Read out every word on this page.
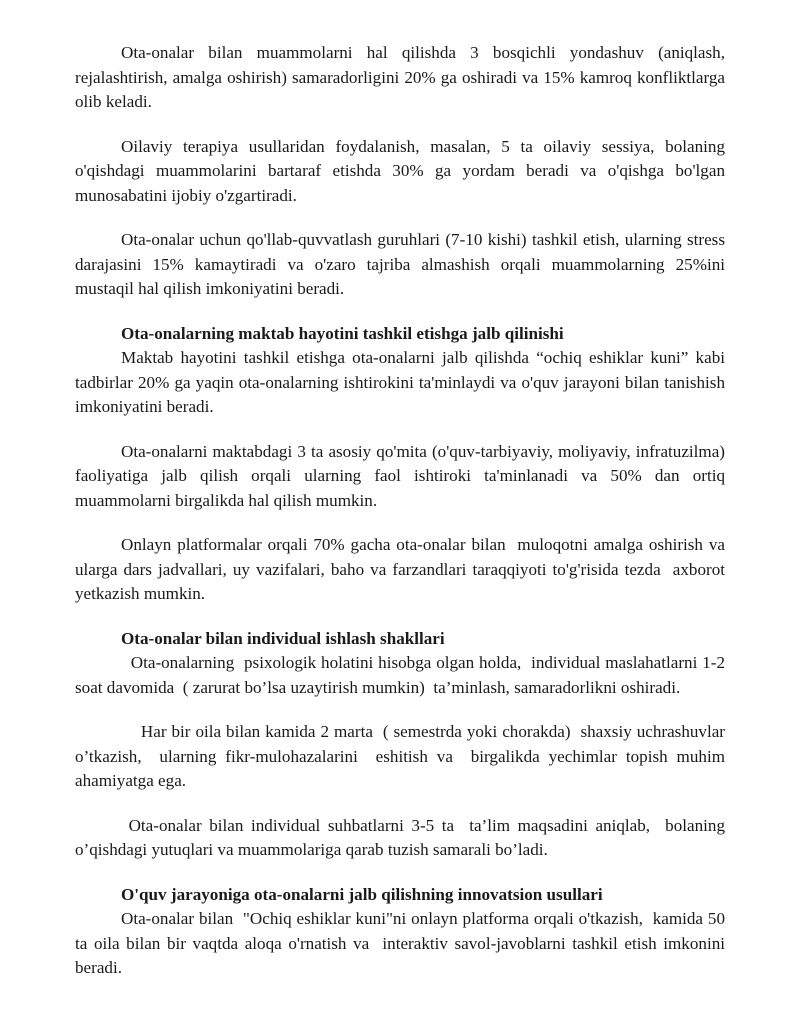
Ota-onalar bilan muammolarni hal qilishda 3 bosqichli yondashuv (aniqlash, rejalashtirish, amalga oshirish) samaradorligini 20% ga oshiradi va 15% kamroq konfliktlarga olib keladi.

Oilaviy terapiya usullaridan foydalanish, masalan, 5 ta oilaviy sessiya, bolaning o'qishdagi muammolarini bartaraf etishda 30% ga yordam beradi va o'qishga bo'lgan munosabatini ijobiy o'zgartiradi.

Ota-onalar uchun qo'llab-quvvatlash guruhlari (7-10 kishi) tashkil etish, ularning stress darajasini 15% kamaytiradi va o'zaro tajriba almashish orqali muammolarning 25%ini mustaqil hal qilish imkoniyatini beradi.

Ota-onalarning maktab hayotini tashkil etishga jalb qilinishi

Maktab hayotini tashkil etishga ota-onalarni jalb qilishda “ochiq eshiklar kuni” kabi tadbirlar 20% ga yaqin ota-onalarning ishtirokini ta'minlaydi va o'quv jarayoni bilan tanishish imkoniyatini beradi.

Ota-onalarni maktabdagi 3 ta asosiy qo'mita (o'quv-tarbiyaviy, moliyaviy, infratuzilma) faoliyatiga jalb qilish orqali ularning faol ishtiroki ta'minlanadi va 50% dan ortiq muammolarni birgalikda hal qilish mumkin.

Onlayn platformalar orqali 70% gacha ota-onalar bilan  muloqotni amalga oshirish va ularga dars jadvallari, uy vazifalari, baho va farzandlari taraqqiyoti to'g'risida tezda  axborot yetkazish mumkin.

Ota-onalar bilan individual ishlash shakllari

Ota-onalarning  psixologik holatini hisobga olgan holda,  individual maslahatlarni 1-2 soat davomida  ( zarurat bo’lsa uzaytirish mumkin)  ta’minlash, samaradorlikni oshiradi.

Har bir oila bilan kamida 2 marta  ( semestrda yoki chorakda)  shaxsiy uchrashuvlar o’tkazish,  ularning fikr-mulohazalarini  eshitish va  birgalikda yechimlar topish muhim ahamiyatga ega.

Ota-onalar bilan individual suhbatlarni 3-5 ta  ta’lim maqsadini aniqlab,  bolaning o’qishdagi yutuqlari va muammolariga qarab tuzish samarali bo’ladi.

O'quv jarayoniga ota-onalarni jalb qilishning innovatsion usullari

Ota-onalar bilan  "Ochiq eshiklar kuni"ni onlayn platforma orqali o'tkazish,  kamida 50 ta oila bilan bir vaqtda aloqa o'rnatish va  interaktiv savol-javoblarni tashkil etish imkonini beradi.
